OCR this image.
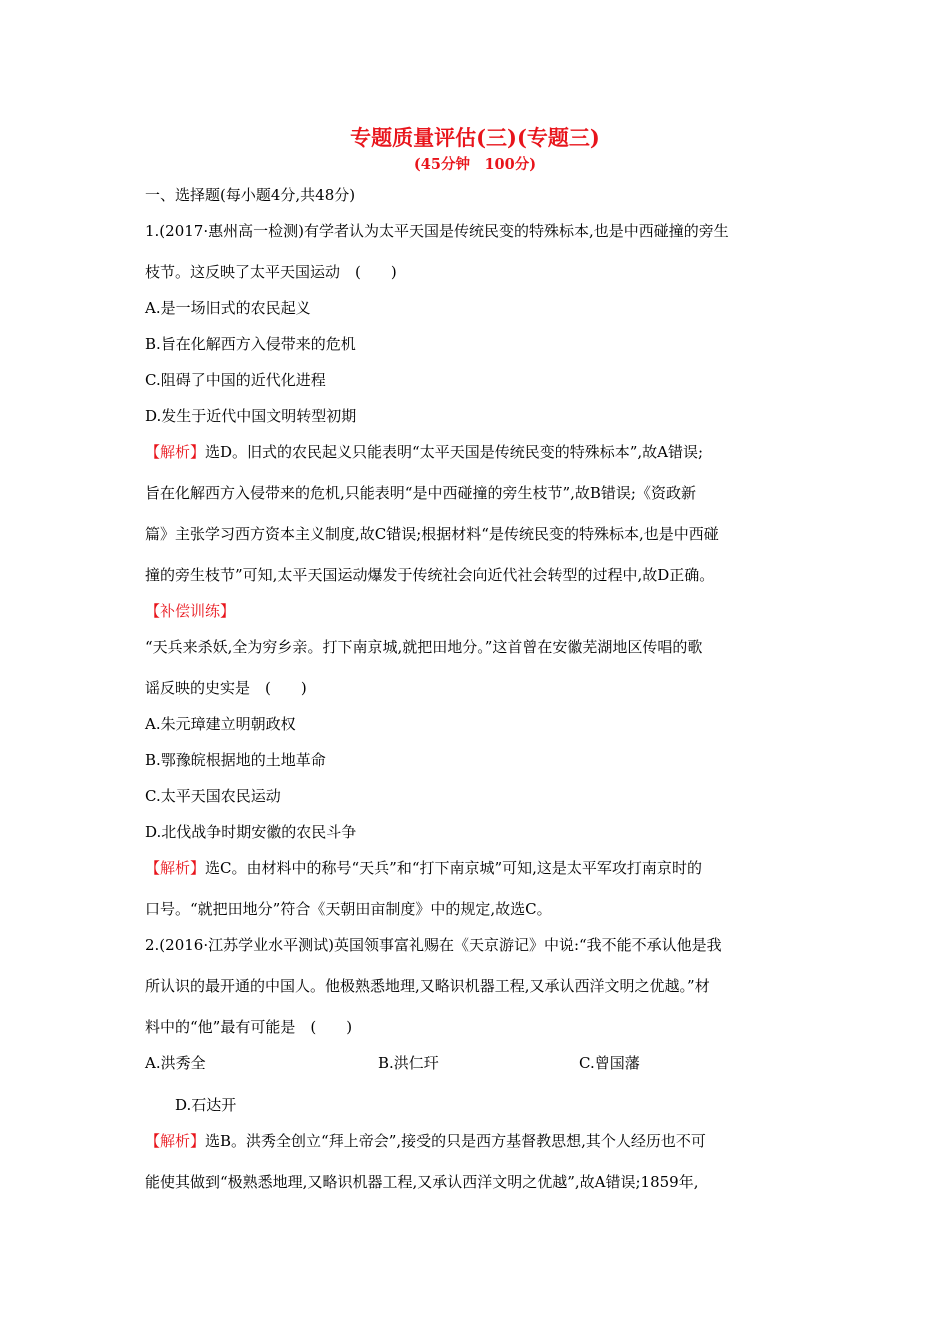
专题质量评估(三)(专题三)
(45分钟　100分)
一、选择题(每小题4分,共48分)
1.(2017·惠州高一检测)有学者认为太平天国是传统民变的特殊标本,也是中西碰撞的旁生
枝节。这反映了太平天国运动　(　　)
A.是一场旧式的农民起义
B.旨在化解西方入侵带来的危机
C.阻碍了中国的近代化进程
D.发生于近代中国文明转型初期
【解析】选D。旧式的农民起义只能表明“太平天国是传统民变的特殊标本”,故A错误;
旨在化解西方入侵带来的危机,只能表明“是中西碰撞的旁生枝节”,故B错误;《资政新
篇》主张学习西方资本主义制度,故C错误;根据材料“是传统民变的特殊标本,也是中西碰
撞的旁生枝节”可知,太平天国运动爆发于传统社会向近代社会转型的过程中,故D正确。
【补偿训练】
“天兵来杀妖,全为穷乡亲。打下南京城,就把田地分。”这首曾在安徽芜湖地区传唱的歌
谣反映的史实是　(　　)
A.朱元璋建立明朝政权
B.鄂豫皖根据地的土地革命
C.太平天国农民运动
D.北伐战争时期安徽的农民斗争
【解析】选C。由材料中的称号“天兵”和“打下南京城”可知,这是太平军攻打南京时的
口号。“就把田地分”符合《天朝田亩制度》中的规定,故选C。
2.(2016·江苏学业水平测试)英国领事富礼赐在《天京游记》中说:“我不能不承认他是我
所认识的最开通的中国人。他极熟悉地理,又略识机器工程,又承认西洋文明之优越。”材
料中的“他”最有可能是　(　　)
A.洪秀全	B.洪仁玕	C.曾国藩
D.石达开
【解析】选B。洪秀全创立“拜上帝会”,接受的只是西方基督教思想,其个人经历也不可
能使其做到“极熟悉地理,又略识机器工程,又承认西洋文明之优越”,故A错误;1859年,
